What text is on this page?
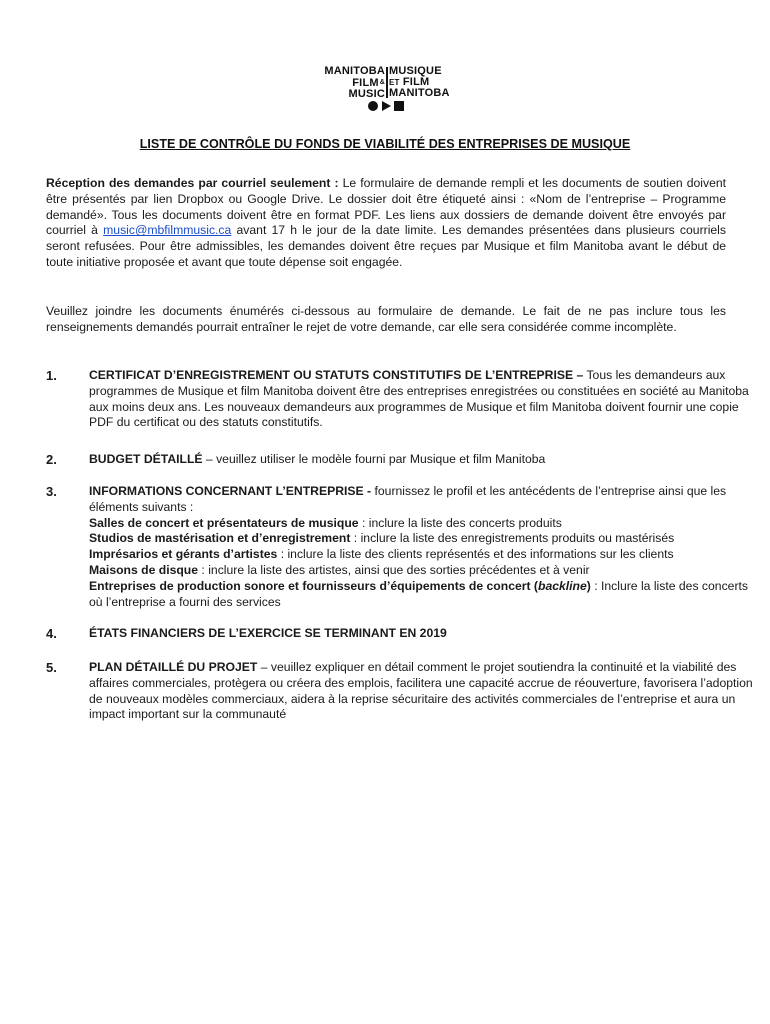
MANITOBA
FILM&
MUSIC
MUSIQUE
ET FILM
MANITOBA
LISTE DE CONTRÔLE DU FONDS DE VIABILITÉ DES ENTREPRISES DE MUSIQUE
Réception des demandes par courriel seulement : Le formulaire de demande rempli et les documents de soutien doivent être présentés par lien Dropbox ou Google Drive. Le dossier doit être étiqueté ainsi : «Nom de l’entreprise – Programme demandé». Tous les documents doivent être en format PDF. Les liens aux dossiers de demande doivent être envoyés par courriel à music@mbfilmmusic.ca avant 17 h le jour de la date limite. Les demandes présentées dans plusieurs courriels seront refusées. Pour être admissibles, les demandes doivent être reçues par Musique et film Manitoba avant le début de toute initiative proposée et avant que toute dépense soit engagée.
Veuillez joindre les documents énumérés ci-dessous au formulaire de demande. Le fait de ne pas inclure tous les renseignements demandés pourrait entraîner le rejet de votre demande, car elle sera considérée comme incomplète.
1.	CERTIFICAT D’ENREGISTREMENT OU STATUTS CONSTITUTIFS DE L’ENTREPRISE – Tous les demandeurs aux programmes de Musique et film Manitoba doivent être des entreprises enregistrées ou constituées en société au Manitoba aux moins deux ans. Les nouveaux demandeurs aux programmes de Musique et film Manitoba doivent fournir une copie PDF du certificat ou des statuts constitutifs.
2.	BUDGET DÉTAILLÉ – veuillez utiliser le modèle fourni par Musique et film Manitoba
3.	INFORMATIONS CONCERNANT L’ENTREPRISE - fournissez le profil et les antécédents de l’entreprise ainsi que les éléments suivants :
Salles de concert et présentateurs de musique : inclure la liste des concerts produits
Studios de mastérisation et d’enregistrement : inclure la liste des enregistrements produits ou mastérisés
Imprésarios et gérants d’artistes : inclure la liste des clients représentés et des informations sur les clients
Maisons de disque : inclure la liste des artistes, ainsi que des sorties précédentes et à venir
Entreprises de production sonore et fournisseurs d’équipements de concert (backline) : Inclure la liste des concerts où l’entreprise a fourni des services
4.	ÉTATS FINANCIERS DE L’EXERCICE SE TERMINANT EN 2019
5.	PLAN DÉTAILLÉ DU PROJET – veuillez expliquer en détail comment le projet soutiendra la continuité et la viabilité des affaires commerciales, protègera ou créera des emplois, facilitera une capacité accrue de réouverture, favorisera l’adoption de nouveaux modèles commerciaux, aidera à la reprise sécuritaire des activités commerciales de l’entreprise et aura un impact important sur la communauté
